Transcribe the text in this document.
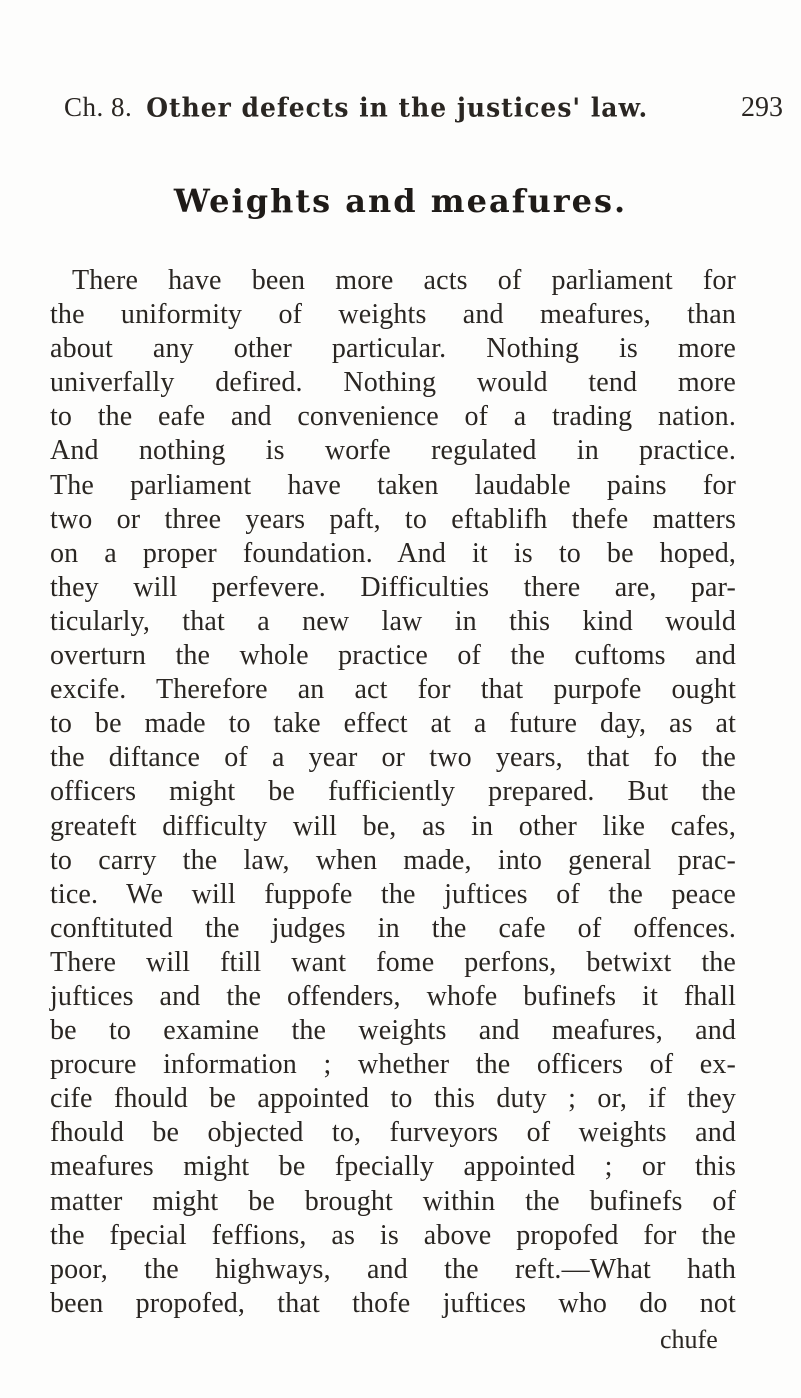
Ch. 8. Other defects in the justices' law.	293
Weights and meafures.
There have been more acts of parliament for
the uniformity of weights and meafures, than
about any other particular. Nothing is more
univerfally defired. Nothing would tend more
to the eafe and convenience of a trading nation.
And nothing is worfe regulated in practice.
The parliament have taken laudable pains for
two or three years paft, to eftablifh thefe matters
on a proper foundation. And it is to be hoped,
they will perfevere. Difficulties there are, par-
ticularly, that a new law in this kind would
overturn the whole practice of the cuftoms and
excife. Therefore an act for that purpofe ought
to be made to take effect at a future day, as at
the diftance of a year or two years, that fo the
officers might be fufficiently prepared. But the
greateft difficulty will be, as in other like cafes,
to carry the law, when made, into general prac-
tice. We will fuppofe the juftices of the peace
conftituted the judges in the cafe of offences.
There will ftill want fome perfons, betwixt the
juftices and the offenders, whofe bufinefs it fhall
be to examine the weights and meafures, and
procure information ; whether the officers of ex-
cife fhould be appointed to this duty ; or, if they
fhould be objected to, furveyors of weights and
meafures might be fpecially appointed ; or this
matter might be brought within the bufinefs of
the fpecial feffions, as is above propofed for the
poor, the highways, and the reft.—What hath
been propofed, that thofe juftices who do not
chufe
